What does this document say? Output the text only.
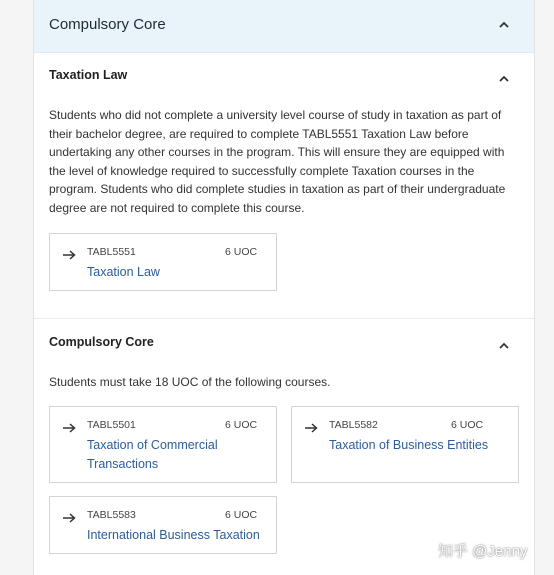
Compulsory Core
Taxation Law
Students who did not complete a university level course of study in taxation as part of their bachelor degree, are required to complete TABL5551 Taxation Law before undertaking any other courses in the program. This will ensure they are equipped with the level of knowledge required to successfully complete Taxation courses in the program. Students who did complete studies in taxation as part of their undergraduate degree are not required to complete this course.
TABL5551	6 UOC
Taxation Law
Compulsory Core
Students must take 18 UOC of the following courses.
TABL5501	6 UOC
Taxation of Commercial Transactions
TABL5582	6 UOC
Taxation of Business Entities
TABL5583	6 UOC
International Business Taxation
知乎 @Jenny
